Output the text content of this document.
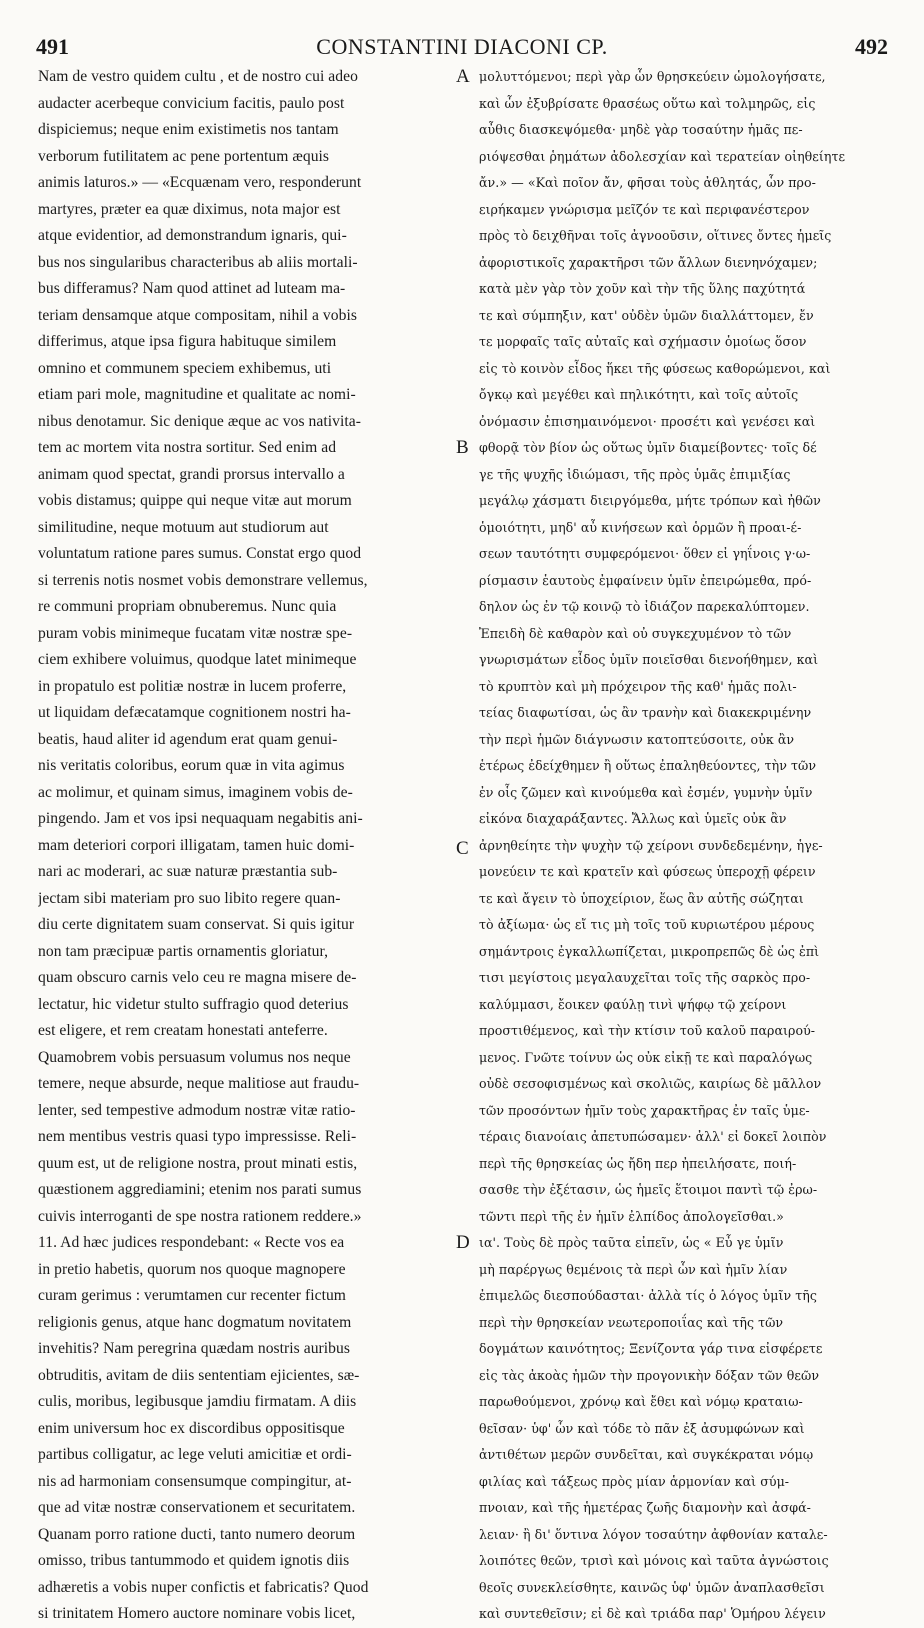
491	CONSTANTINI DIACONI CP.	492
Nam de vestro quidem cultu , et de nostro cui adeo
audacter acerbeque convicium facitis, paulo post
dispiciemus; neque enim existimetis nos tantam
verborum futilitatem ac pene portentum æquis
animis laturos.» — «Ecquænam vero, responderunt
martyres, præter ea quæ diximus, nota major est
atque evidentior, ad demonstrandum ignaris, qui-
bus nos singularibus characteribus ab aliis mortali-
bus differamus? Nam quod attinet ad luteam ma-
teriam densamque atque compositam, nihil a vobis
differimus, atque ipsa figura habituque similem
omnino et communem speciem exhibemus, uti
etiam pari mole, magnitudine et qualitate ac nomi-
nibus denotamur. Sic denique æque ac vos nativita-
tem ac mortem vita nostra sortitur. Sed enim ad
animam quod spectat, grandi prorsus intervallo a
vobis distamus; quippe qui neque vitæ aut morum
similitudine, neque motuum aut studiorum aut
voluntatum ratione pares sumus. Constat ergo quod
si terrenis notis nosmet vobis demonstrare vellemus,
re communi propriam obnuberemus. Nunc quia
puram vobis minimeque fucatam vitæ nostræ spe-
ciem exhibere voluimus, quodque latet minimeque
in propatulo est politiæ nostræ in lucem proferre,
ut liquidam defæcatamque cognitionem nostri ha-
beatis, haud aliter id agendum erat quam genui-
nis veritatis coloribus, eorum quæ in vita agimus
ac molimur, et quinam simus, imaginem vobis de-
pingendo. Jam et vos ipsi nequaquam negabitis ani-
mam deteriori corpori illigatam, tamen huic domi-
nari ac moderari, ac suæ naturæ præstantia sub-
jectam sibi materiam pro suo libito regere quan-
diu certe dignitatem suam conservat. Si quis igitur
non tam præcipuæ partis ornamentis gloriatur,
quam obscuro carnis velo ceu re magna misere de-
lectatur, hic videtur stulto suffragio quod deterius
est eligere, et rem creatam honestati anteferre.
Quamobrem vobis persuasum volumus nos neque
temere, neque absurde, neque malitiose aut fraudu-
lenter, sed tempestive admodum nostræ vitæ ratio-
nem mentibus vestris quasi typo impressisse. Reli-
quum est, ut de religione nostra, prout minati estis,
quæstionem aggrediamini; etenim nos parati sumus
cuivis interroganti de spe nostra rationem reddere.»
11. Ad hæc judices respondebant: « Recte vos ea
in pretio habetis, quorum nos quoque magnopere
curam gerimus : verumtamen cur recenter fictum
religionis genus, atque hanc dogmatum novitatem
invehitis? Nam peregrina quædam nostris auribus
obtruditis, avitam de diis sententiam ejicientes, sæ-
culis, moribus, legibusque jamdiu firmatam. A diis
enim universum hoc ex discordibus oppositisque
partibus colligatur, ac lege veluti amicitiæ et ordi-
nis ad harmoniam consensumque compingitur, at-
que ad vitæ nostræ conservationem et securitatem.
Quanam porro ratione ducti, tanto numero deorum
omisso, tribus tantummodo et quidem ignotis diis
adhæretis a vobis nuper confictis et fabricatis? Quod
si trinitatem Homero auctore nominare vobis licet,
μολυττόμενοι; περὶ γὰρ ὧν θρησκεύειν ὡμολογήσατε,
καὶ ὧν ἐξυβρίσατε θρασέως οὕτω καὶ τολμηρῶς, εἰς
αὖθις διασκεψόμεθα· μηδὲ γὰρ τοσαύτην ἡμᾶς πε-
ριόψεσθαι ῥημάτων ἀδολεσχίαν καὶ τερατείαν οἰηθείητε
ἄν.» — «Καὶ ποῖον ἄν, φῆσαι τοὺς ἀθλητάς, ὧν προ-
ειρήκαμεν γνώρισμα μεῖζόν τε καὶ περιφανέστερον
πρὸς τὸ δειχθῆναι τοῖς ἀγνοοῦσιν, οἵτινες ὄντες ἡμεῖς
ἀφοριστικοῖς χαρακτῆρσι τῶν ἄλλων διενηνόχαμεν;
κατὰ μὲν γὰρ τὸν χοῦν καὶ τὴν τῆς ὕλης παχύτητά
τε καὶ σύμπηξιν, κατ' οὐδὲν ὑμῶν διαλλάττομεν, ἔν
τε μορφαῖς ταῖς αὐταῖς καὶ σχήμασιν ὁμοίως ὅσον
εἰς τὸ κοινὸν εἶδος ἥκει τῆς φύσεως καθορώμενοι, καὶ
ὄγκῳ καὶ μεγέθει καὶ πηλικότητι, καὶ τοῖς αὐτοῖς
ὀνόμασιν ἐπισημαινόμενοι· προσέτι καὶ γενέσει καὶ
φθορᾷ τὸν βίον ὡς οὕτως ὑμῖν διαμείβοντες· τοῖς δέ
γε τῆς ψυχῆς ἰδιώμασι, τῆς πρὸς ὑμᾶς ἐπιμιξίας
μεγάλῳ χάσματι διειργόμεθα, μήτε τρόπων καὶ ἠθῶν
ὁμοιότητι, μηδ' αὖ κινήσεων καὶ ὁρμῶν ἢ προαι-έ-
σεων ταυτότητι συμφερόμενοι· ὅθεν εἰ γηΐνοις γ·ω-
ρίσμασιν ἑαυτοὺς ἐμφαίνειν ὑμῖν ἐπειρώμεθα, πρό-
δηλον ὡς ἐν τῷ κοινῷ τὸ ἰδιάζον παρεκαλύπτομεν.
Ἐπειδὴ δὲ καθαρὸν καὶ οὐ συγκεχυμένον τὸ τῶν
γνωρισμάτων εἶδος ὑμῖν ποιεῖσθαι διενοήθημεν, καὶ
τὸ κρυπτὸν καὶ μὴ πρόχειρον τῆς καθ' ἡμᾶς πολι-
τείας διαφωτίσαι, ὡς ἂν τρανὴν καὶ διακεκριμένην
τὴν περὶ ἡμῶν διάγνωσιν κατοπτεύσοιτε, οὐκ ἂν
ἑτέρως ἐδείχθημεν ἢ οὕτως ἐπαληθεύοντες, τὴν τῶν
ἐν οἷς ζῶμεν καὶ κινούμεθα καὶ ἐσμέν, γυμνὴν ὑμῖν
εἰκόνα διαχαράξαντες. Ἄλλως καὶ ὑμεῖς οὐκ ἂν
ἀρνηθείητε τὴν ψυχὴν τῷ χείρονι συνδεδεμένην, ἡγε-
μονεύειν τε καὶ κρατεῖν καὶ φύσεως ὑπεροχῇ φέρειν
τε καὶ ἄγειν τὸ ὑποχείριον, ἕως ἂν αὐτῆς σώζηται
τὸ ἀξίωμα· ὡς εἴ τις μὴ τοῖς τοῦ κυριωτέρου μέρους
σημάντροις ἐγκαλλωπίζεται, μικροπρεπῶς δὲ ὡς ἐπὶ
τισι μεγίστοις μεγαλαυχεῖται τοῖς τῆς σαρκὸς προ-
καλύμμασι, ἔοικεν φαύλῃ τινὶ ψήφῳ τῷ χείρονι
προστιθέμενος, καὶ τὴν κτίσιν τοῦ καλοῦ παραιρού-
μενος. Γνῶτε τοίνυν ὡς οὐκ εἰκῇ τε καὶ παραλόγως
οὐδὲ σεσοφισμένως καὶ σκολιῶς, καιρίως δὲ μᾶλλον
τῶν προσόντων ἡμῖν τοὺς χαρακτῆρας ἐν ταῖς ὑμε-
τέραις διανοίαις ἀπετυπώσαμεν· ἀλλ' εἰ δοκεῖ λοιπὸν
περὶ τῆς θρησκείας ὡς ἤδη περ ἠπειλήσατε, ποιή-
σασθε τὴν ἐξέτασιν, ὡς ἡμεῖς ἕτοιμοι παντὶ τῷ ἐρω-
τῶντι περὶ τῆς ἐν ἡμῖν ἐλπίδος ἀπολογεῖσθαι.»
ια'. Τοὺς δὲ πρὸς ταῦτα εἰπεῖν, ὡς « Εὖ γε ὑμῖν
μὴ παρέργως θεμένοις τὰ περὶ ὧν καὶ ἡμῖν λίαν
ἐπιμελῶς διεσπούδασται· ἀλλὰ τίς ὁ λόγος ὑμῖν τῆς
περὶ τὴν θρησκείαν νεωτεροποιΐας καὶ τῆς τῶν
δογμάτων καινότητος; Ξενίζοντα γάρ τινα εἰσφέρετε
εἰς τὰς ἀκοὰς ἡμῶν τὴν προγονικὴν δόξαν τῶν θεῶν
παρωθούμενοι, χρόνῳ καὶ ἔθει καὶ νόμῳ κραταιω-
θεῖσαν· ὑφ' ὧν καὶ τόδε τὸ πᾶν ἐξ ἀσυμφώνων καὶ
ἀντιθέτων μερῶν συνδεῖται, καὶ συγκέκραται νόμῳ
φιλίας καὶ τάξεως πρὸς μίαν ἁρμονίαν καὶ σύμ-
πνοιαν, καὶ τῆς ἡμετέρας ζωῆς διαμονὴν καὶ ἀσφά-
λειαν· ἢ δι' ὅντινα λόγον τοσαύτην ἀφθονίαν καταλε-
λοιπότες θεῶν, τρισὶ καὶ μόνοις καὶ ταῦτα ἀγνώστοις
θεοῖς συνεκλείσθητε, καινῶς ὑφ' ὑμῶν ἀναπλασθεῖσι
καὶ συντεθεῖσιν; εἰ δὲ καὶ τριάδα παρ' Ὁμήρου λέγειν
A
B
C
D
